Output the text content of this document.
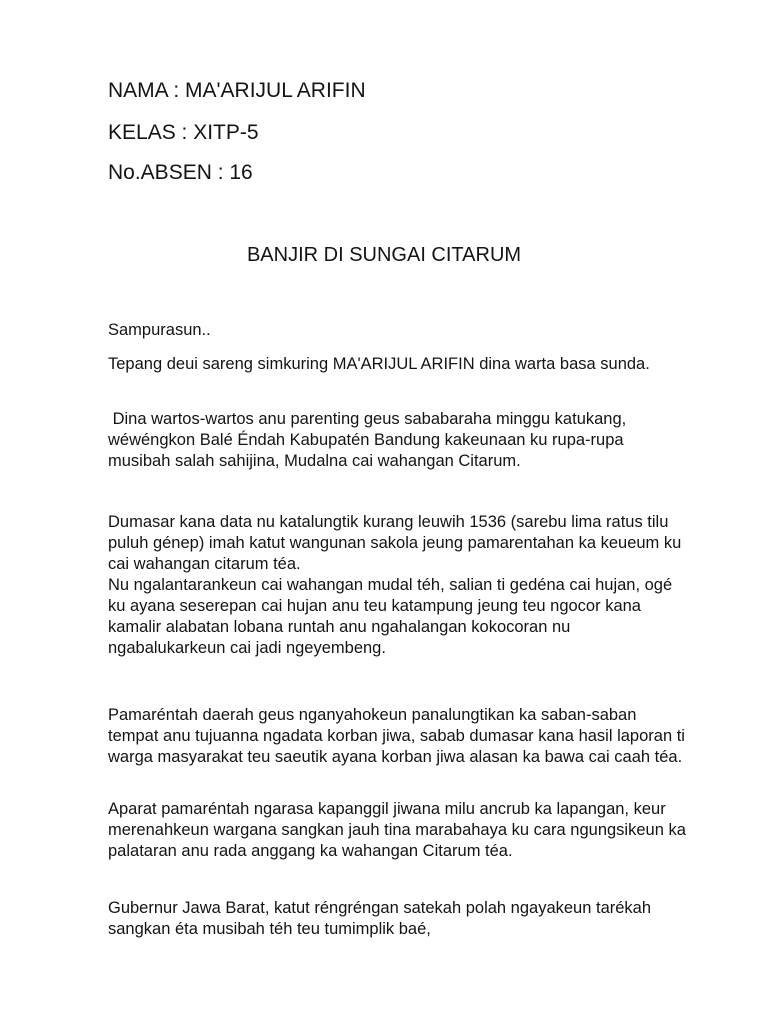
NAMA : MA'ARIJUL ARIFIN

KELAS : XITP-5

No.ABSEN : 16

BANJIR DI SUNGAI CITARUM

Sampurasun..

Tepang deui sareng simkuring MA'ARIJUL ARIFIN dina warta basa sunda.

Dina wartos-wartos anu parenting geus sababaraha minggu katukang, wéwéngkon Balé Éndah Kabupatén Bandung kakeunaan ku rupa-rupa musibah salah sahijina, Mudalna cai wahangan Citarum.

Dumasar kana data nu katalungtik kurang leuwih 1536 (sarebu lima ratus tilu puluh génep) imah katut wangunan sakola jeung pamarentahan ka keueum ku cai wahangan citarum téa.

Nu ngalantarankeun cai wahangan mudal téh, salian ti gedéna cai hujan, ogé ku ayana seserepan cai hujan anu teu katampung jeung teu ngocor kana kamalir alabatan lobana runtah anu ngahalangan kokocoran nu ngabalukarkeun cai jadi ngeyembeng.

Pamaréntah daerah geus nganyahokeun panalungtikan ka saban-saban tempat anu tujuanna ngadata korban jiwa, sabab dumasar kana hasil laporan ti warga masyarakat teu saeutik ayana korban jiwa alasan ka bawa cai caah téa.

Aparat pamaréntah ngarasa kapanggil jiwana milu ancrub ka lapangan, keur merenahkeun wargana sangkan jauh tina marabahaya ku cara ngungsikeun ka palataran anu rada anggang ka wahangan Citarum téa.

Gubernur Jawa Barat, katut réngréngan satekah polah ngayakeun tarékah sangkan éta musibah téh teu tumimplik baé,
